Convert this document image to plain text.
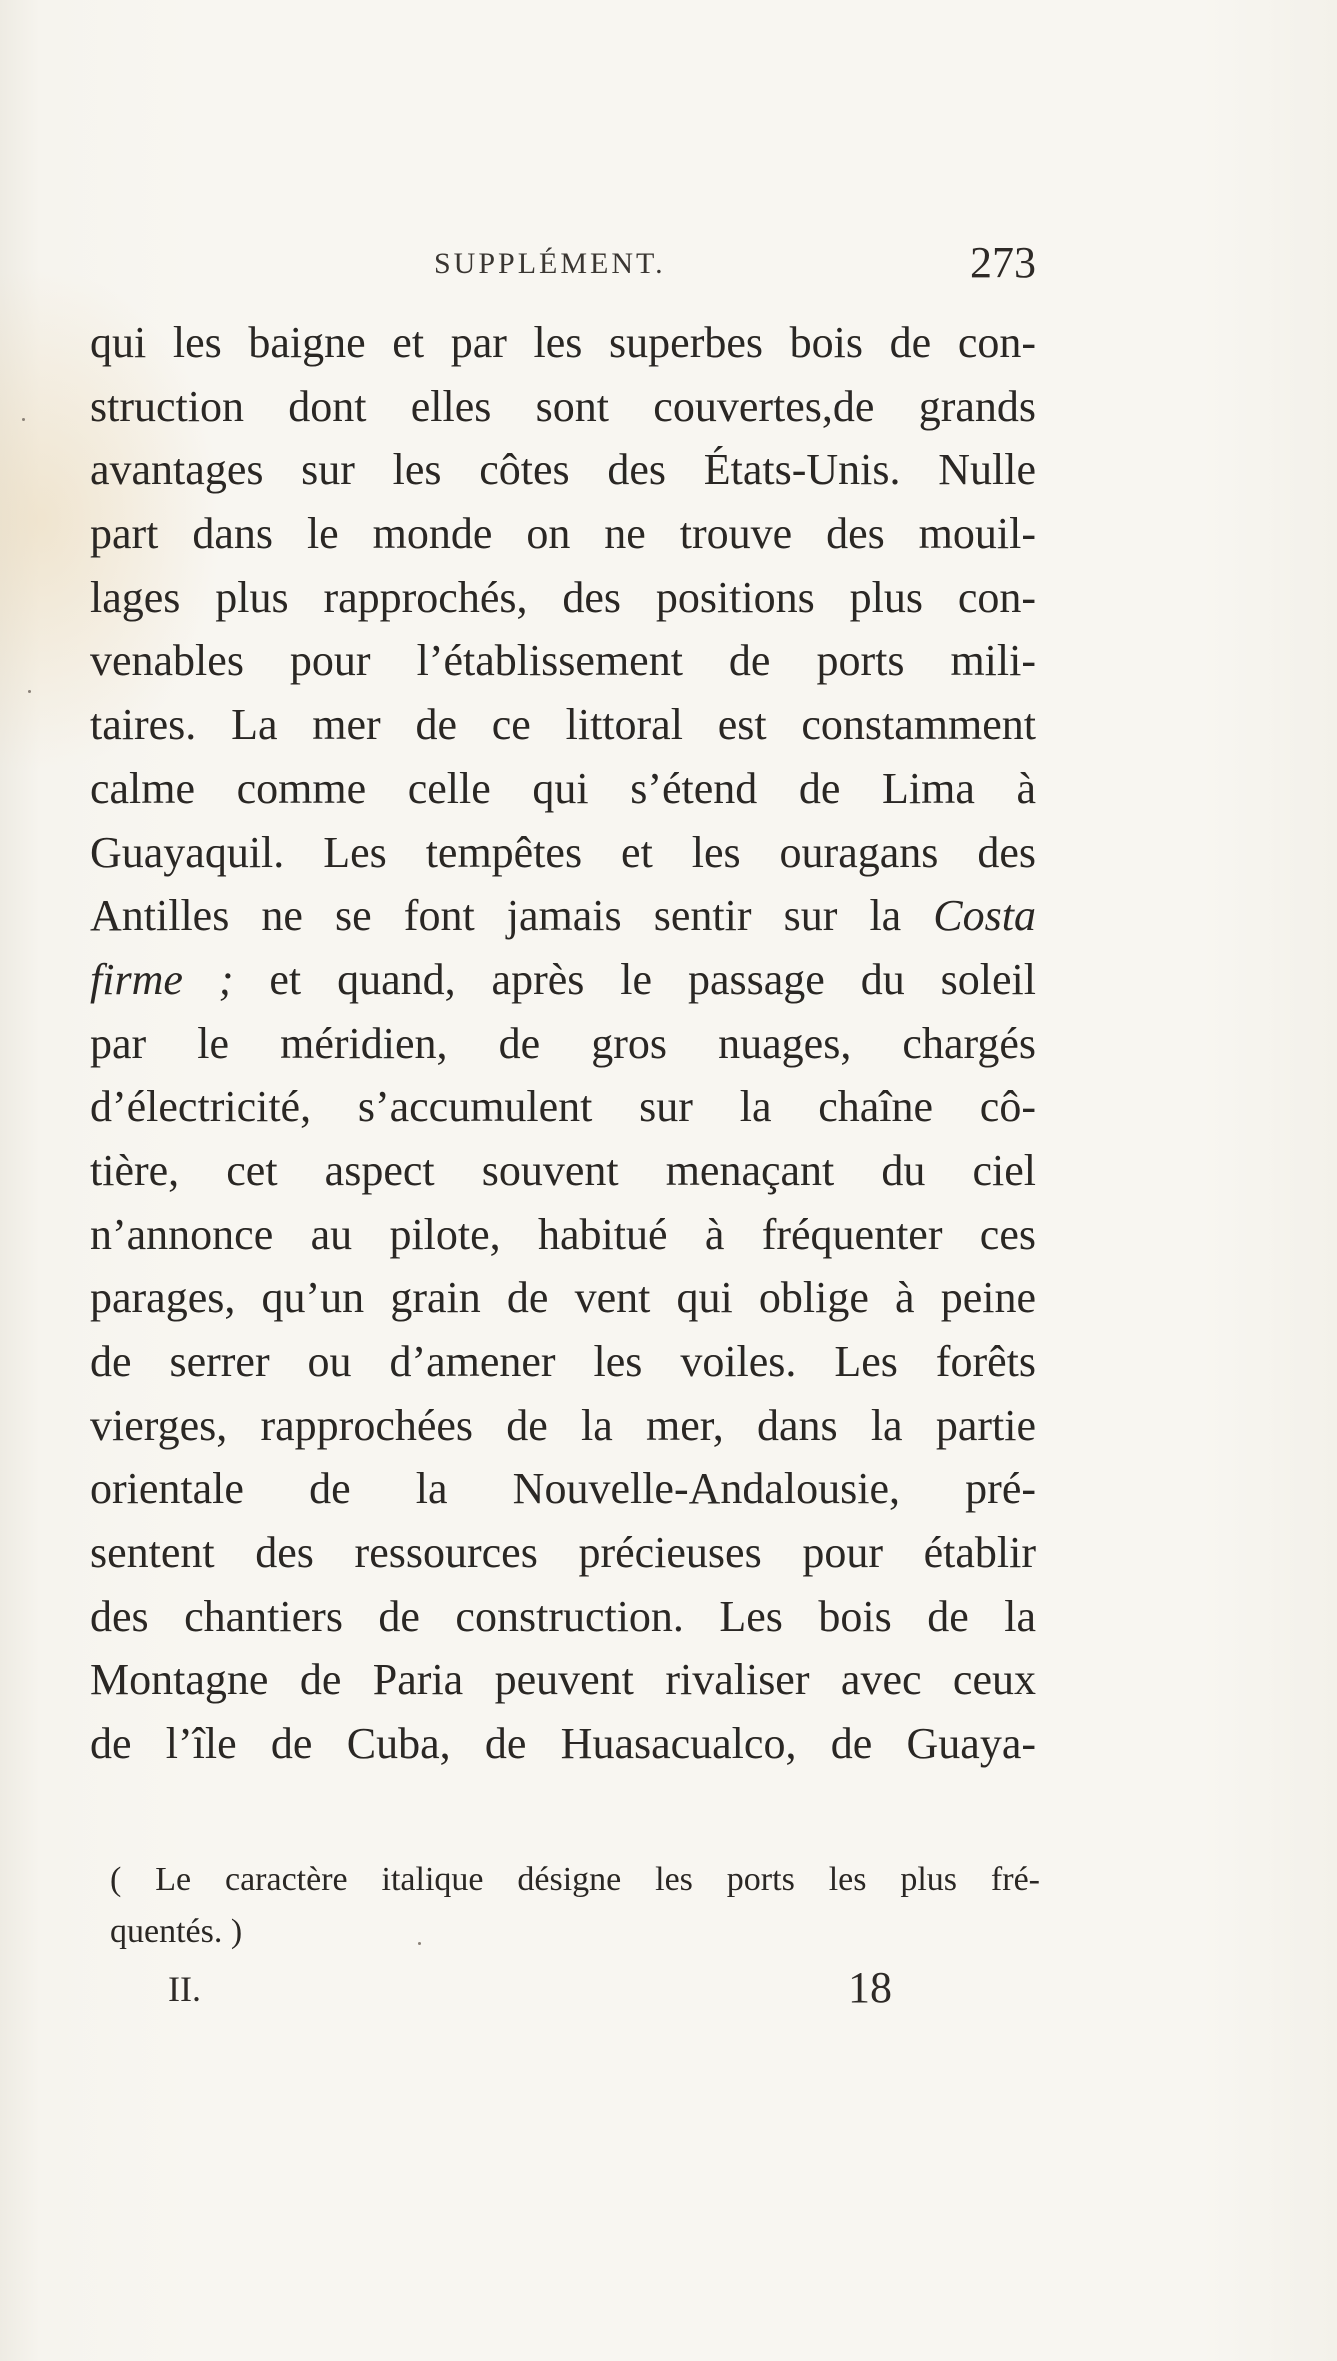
SUPPLÉMENT.	273
qui les baigne et par les superbes bois de con-
struction dont elles sont couvertes,de grands
avantages sur les côtes des États-Unis. Nulle
part dans le monde on ne trouve des mouil-
lages plus rapprochés, des positions plus con-
venables pour l’établissement de ports mili-
taires. La mer de ce littoral est constamment
calme comme celle qui s’étend de Lima à
Guayaquil. Les tempêtes et les ouragans des
Antilles ne se font jamais sentir sur la Costa
firme ; et quand, après le passage du soleil
par le méridien, de gros nuages, chargés
d’électricité, s’accumulent sur la chaîne cô-
tière, cet aspect souvent menaçant du ciel
n’annonce au pilote, habitué à fréquenter ces
parages, qu’un grain de vent qui oblige à peine
de serrer ou d’amener les voiles. Les forêts
vierges, rapprochées de la mer, dans la partie
orientale de la Nouvelle-Andalousie, pré-
sentent des ressources précieuses pour établir
des chantiers de construction. Les bois de la
Montagne de Paria peuvent rivaliser avec ceux
de l’île de Cuba, de Huasacualco, de Guaya-
( Le caractère italique désigne les ports les plus fré-
quentés. )
II.	18
